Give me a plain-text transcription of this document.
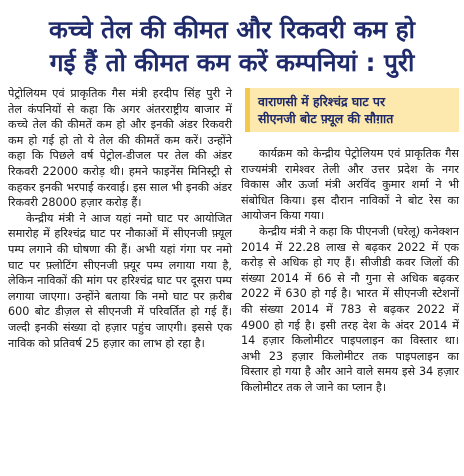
कच्चे तेल की कीमत और रिकवरी कम हो
गई हैं तो कीमत कम करें कम्पनियां : पुरी

पेट्रोलियम एवं प्राकृतिक गैस मंत्री हरदीप सिंह पुरी ने तेल कंपनियों से कहा कि अगर अंतरराष्ट्रीय बाजार में कच्चे तेल की कीमतें कम हो और इनकी अंडर रिकवरी कम हो गई हो तो ये तेल की कीमतें कम करें। उन्होंने कहा कि पिछले वर्ष पेट्रोल-डीजल पर तेल की अंडर रिकवरी 22000 करोड़ थी। हमने फाइनेंस मिनिस्ट्री से कहकर इनकी भरपाई करवाई। इस साल भी इनकी अंडर रिकवरी 28000 हज़ार करोड़ हैं।

केन्द्रीय मंत्री ने आज यहां नमो घाट पर आयोजित समारोह में हरिश्चंद्र घाट पर नौकाओं में सीएनजी फ़्यूल पम्प लगाने की घोषणा की हैं। अभी यहां गंगा पर नमो घाट पर फ़्लोटिंग सीएनजी फ़्यूर पम्प लगाया गया है, लेकिन नाविकों की मांग पर हरिश्चंद्र घाट पर दूसरा पम्प लगाया जाएगा। उन्होंने बताया कि नमो घाट पर क़रीब 600 बोट डीज़ल से सीएनजी में परिवर्तित हो गई हैं। जल्दी इनकी संख्या दो हज़ार पहुंच जाएगी। इससे एक नाविक को प्रतिवर्ष 25 हज़ार का लाभ हो रहा है।

वाराणसी में हरिश्चंद्र घाट पर
सीएनजी बोट फ़्यूल की सौग़ात

कार्यक्रम को केन्द्रीय पेट्रोलियम एवं प्राकृतिक गैस राज्यमंत्री रामेश्वर तेली और उत्तर प्रदेश के नगर विकास और ऊर्जा मंत्री अरविंद कुमार शर्मा ने भी संबोधित किया। इस दौरान नाविकों ने बोट रेस का आयोजन किया गया।

केन्द्रीय मंत्री ने कहा कि पीएनजी (घरेलू) कनेक्शन 2014 में 22.28 लाख से बढ़कर 2022 में एक करोड़ से अधिक हो गए हैं। सीजीडी कवर जिलों की संख्या 2014 में 66 से नौ गुना से अधिक बढ़कर 2022 में 630 हो गई है। भारत में सीएनजी स्टेशनों की संख्या 2014 में 783 से बढ़कर 2022 में 4900 हो गई है। इसी तरह देश के अंदर 2014 में 14 हज़ार किलोमीटर पाइपलाइन का विस्तार था। अभी 23 हज़ार किलोमीटर तक पाइपलाइन का विस्तार हो गया है और आने वाले समय इसे 34 हज़ार किलोमीटर तक ले जाने का प्लान है।
